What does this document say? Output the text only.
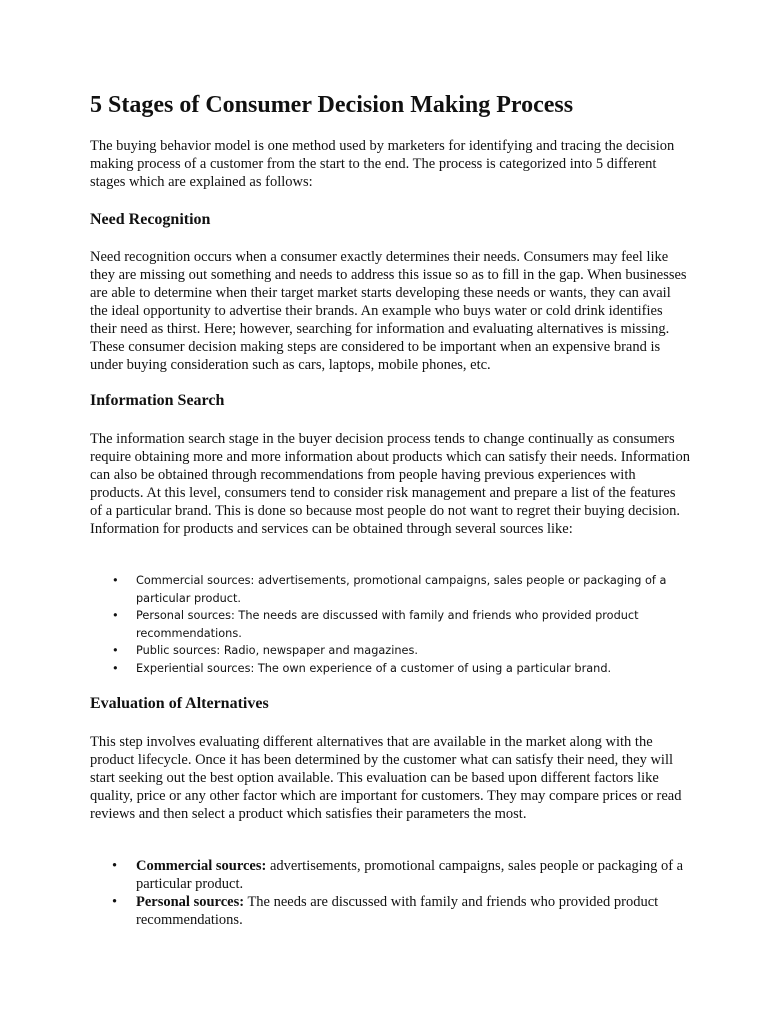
5 Stages of Consumer Decision Making Process

The buying behavior model is one method used by marketers for identifying and tracing the decision making process of a customer from the start to the end. The process is categorized into 5 different stages which are explained as follows:

Need Recognition

Need recognition occurs when a consumer exactly determines their needs. Consumers may feel like they are missing out something and needs to address this issue so as to fill in the gap. When businesses are able to determine when their target market starts developing these needs or wants, they can avail the ideal opportunity to advertise their brands. An example who buys water or cold drink identifies their need as thirst. Here; however, searching for information and evaluating alternatives is missing. These consumer decision making steps are considered to be important when an expensive brand is under buying consideration such as cars, laptops, mobile phones, etc.

Information Search

The information search stage in the buyer decision process tends to change continually as consumers require obtaining more and more information about products which can satisfy their needs. Information can also be obtained through recommendations from people having previous experiences with products. At this level, consumers tend to consider risk management and prepare a list of the features of a particular brand. This is done so because most people do not want to regret their buying decision. Information for products and services can be obtained through several sources like:

• Commercial sources: advertisements, promotional campaigns, sales people or packaging of a particular product.
• Personal sources: The needs are discussed with family and friends who provided product recommendations.
• Public sources: Radio, newspaper and magazines.
• Experiential sources: The own experience of a customer of using a particular brand.
Evaluation of Alternatives

This step involves evaluating different alternatives that are available in the market along with the product lifecycle. Once it has been determined by the customer what can satisfy their need, they will start seeking out the best option available. This evaluation can be based upon different factors like quality, price or any other factor which are important for customers. They may compare prices or read reviews and then select a product which satisfies their parameters the most.

• Commercial sources: advertisements, promotional campaigns, sales people or packaging of a particular product.
• Personal sources: The needs are discussed with family and friends who provided product recommendations.
